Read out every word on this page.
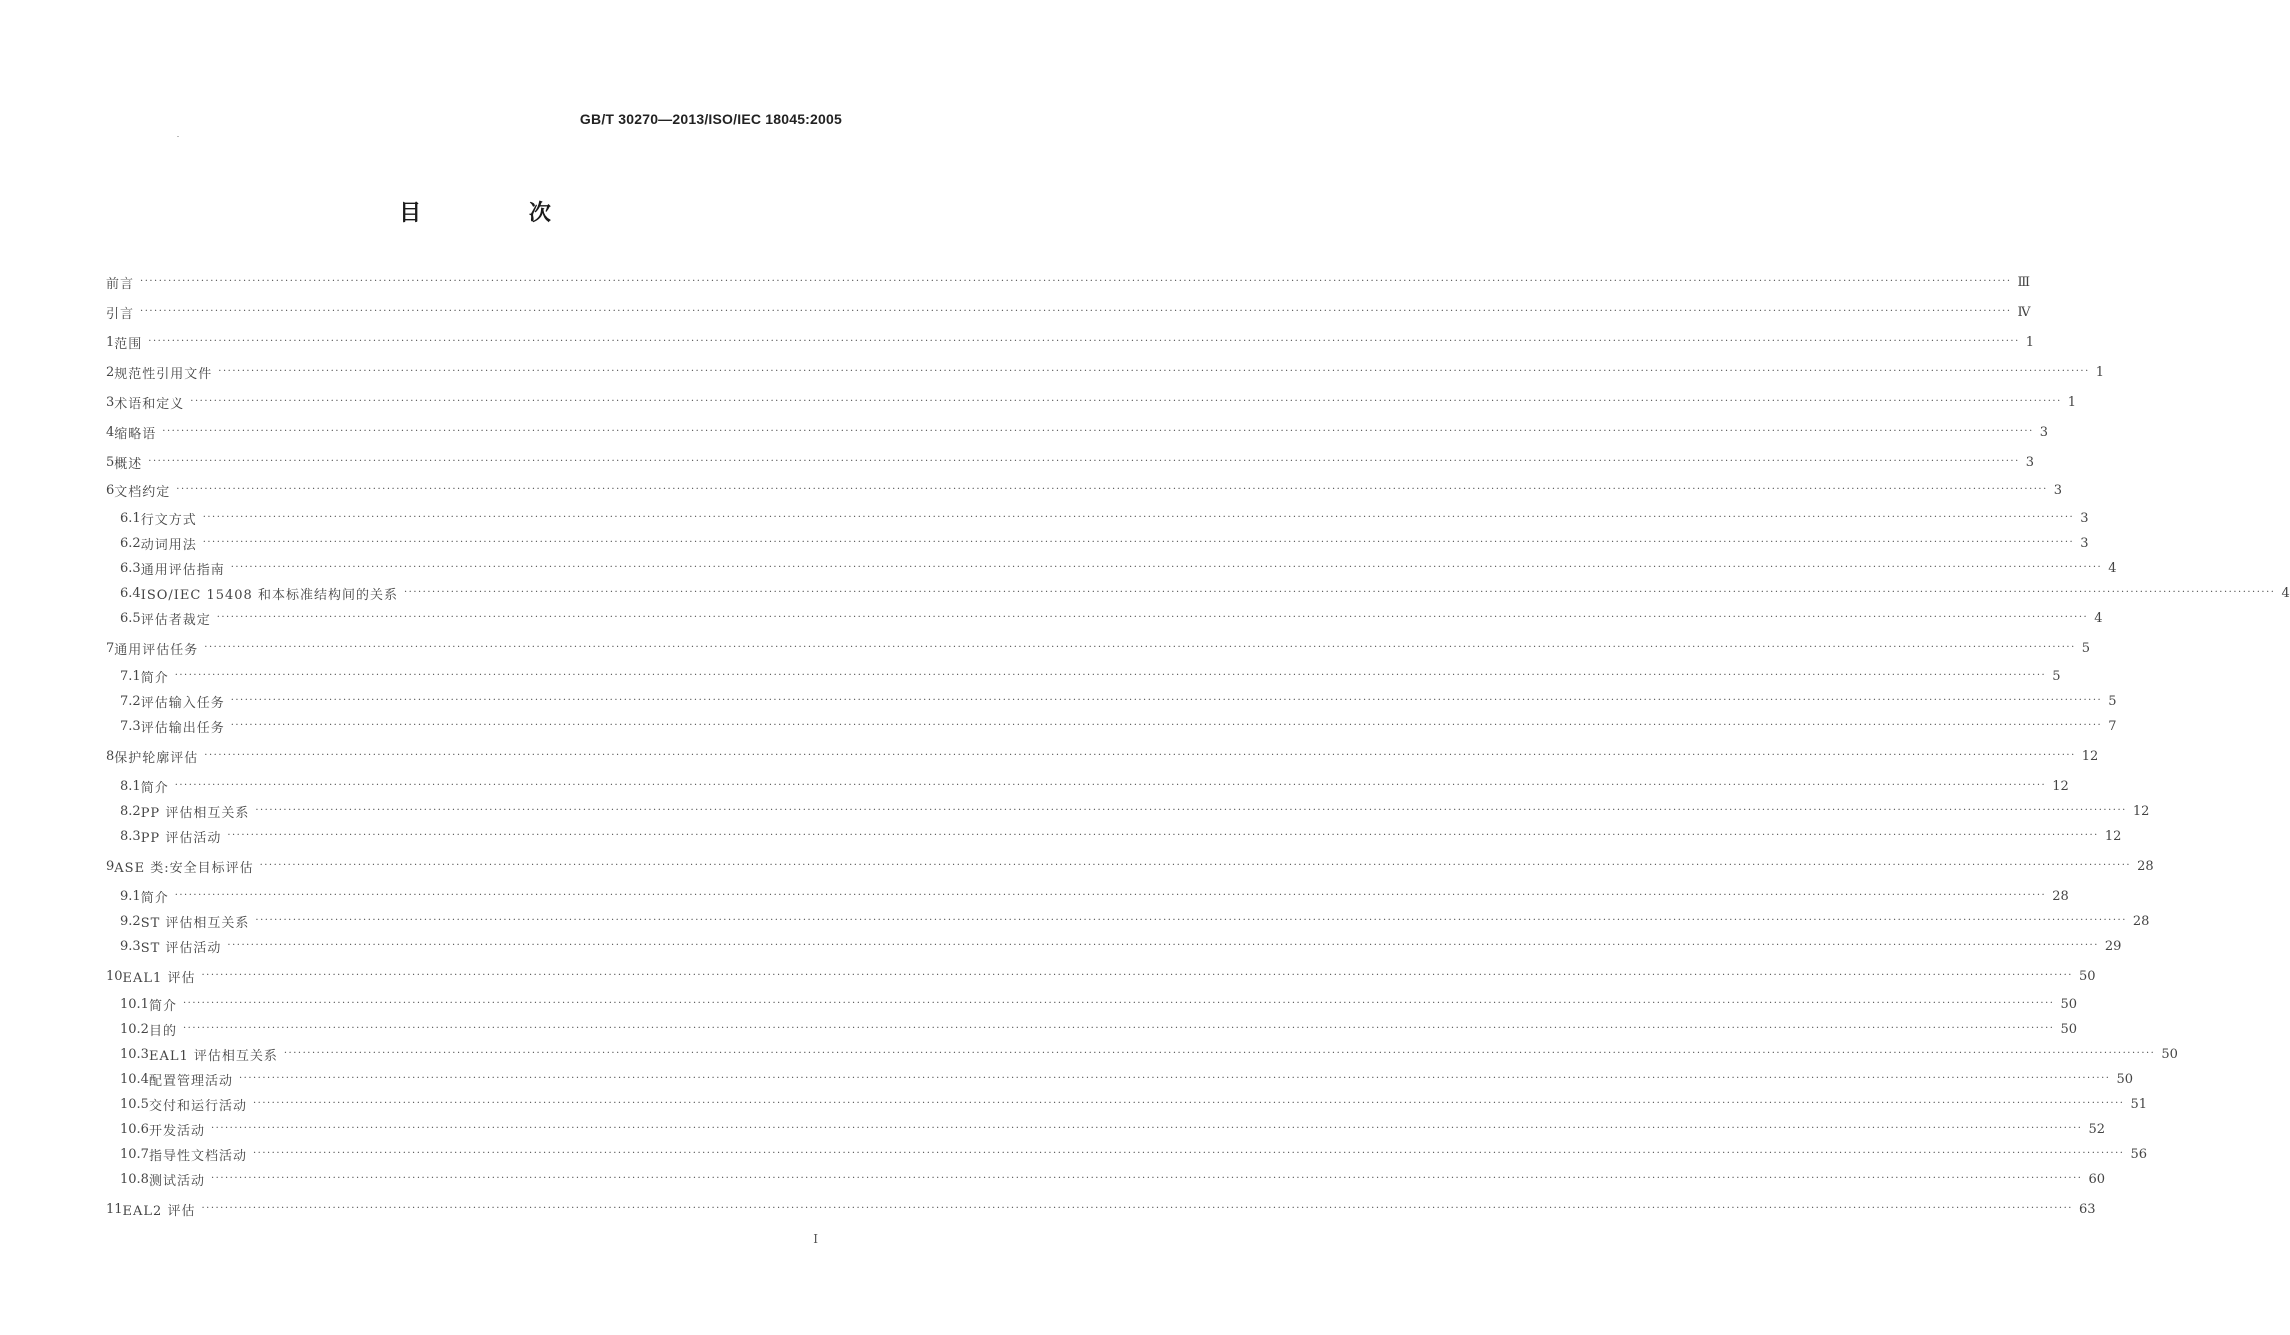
GB/T 30270—2013/ISO/IEC 18045:2005
目 次
前言 ················································································································································································································································································································································································································ Ⅲ
引言 ················································································································································································································································································································································································································ Ⅳ
1 范围 ················································································································································································································································································································································································································ 1
2 规范性引用文件 ················································································································································································································································································································································································································ 1
3 术语和定义 ················································································································································································································································································································································································································ 1
4 缩略语 ················································································································································································································································································································································································································ 3
5 概述 ················································································································································································································································································································································································································ 3
6 文档约定 ················································································································································································································································································································································································································ 3
6.1 行文方式 ················································································································································································································································································································································································································ 3
6.2 动词用法 ················································································································································································································································································································································································································ 3
6.3 通用评估指南 ················································································································································································································································································································································································································ 4
6.4 ISO/IEC 15408 和本标准结构间的关系 ················································································································································································································································································································································································································ 4
6.5 评估者裁定 ················································································································································································································································································································································································································ 4
7 通用评估任务 ················································································································································································································································································································································································································ 5
7.1 简介 ················································································································································································································································································································································································································ 5
7.2 评估输入任务 ················································································································································································································································································································································································································ 5
7.3 评估输出任务 ················································································································································································································································································································································································································ 7
8 保护轮廓评估 ················································································································································································································································································································································································································ 12
8.1 简介 ················································································································································································································································································································································································································ 12
8.2 PP 评估相互关系 ················································································································································································································································································································································································································ 12
8.3 PP 评估活动 ················································································································································································································································································································································································································ 12
9 ASE 类:安全目标评估 ················································································································································································································································································································································································································ 28
9.1 简介 ················································································································································································································································································································································································································ 28
9.2 ST 评估相互关系 ················································································································································································································································································································································································································ 28
9.3 ST 评估活动 ················································································································································································································································································································································································································ 29
10 EAL1 评估 ················································································································································································································································································································································································································ 50
10.1 简介 ················································································································································································································································································································································································································ 50
10.2 目的 ················································································································································································································································································································································································································ 50
10.3 EAL1 评估相互关系 ················································································································································································································································································································································································································ 50
10.4 配置管理活动 ················································································································································································································································································································································································································ 50
10.5 交付和运行活动 ················································································································································································································································································································································································································ 51
10.6 开发活动 ················································································································································································································································································································································································································ 52
10.7 指导性文档活动 ················································································································································································································································································································································································································ 56
10.8 测试活动 ················································································································································································································································································································································································································ 60
11 EAL2 评估 ················································································································································································································································································································································································································ 63
I
